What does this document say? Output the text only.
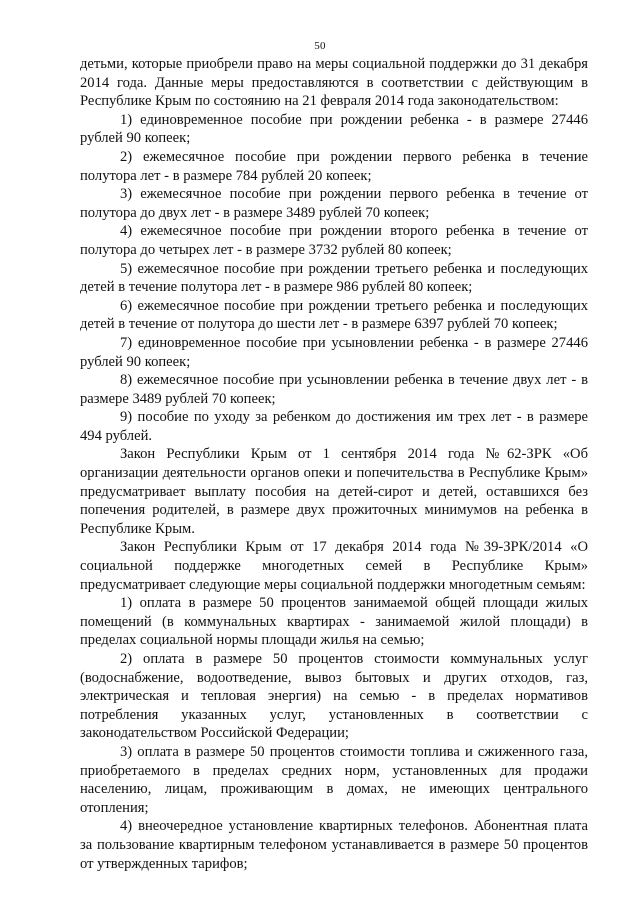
50

детьми, которые приобрели право на меры социальной поддержки до 31 декабря 2014 года. Данные меры предоставляются в соответствии с действующим в Республике Крым по состоянию на 21 февраля 2014 года законодательством:

1) единовременное пособие при рождении ребенка - в размере 27446 рублей 90 копеек;

2) ежемесячное пособие при рождении первого ребенка в течение полутора лет - в размере 784 рублей 20 копеек;

3) ежемесячное пособие при рождении первого ребенка в течение от полутора до двух лет - в размере 3489 рублей 70 копеек;

4) ежемесячное пособие при рождении второго ребенка в течение от полутора до четырех лет - в размере 3732 рублей 80 копеек;

5) ежемесячное пособие при рождении третьего ребенка и последующих детей в течение полутора лет - в размере 986 рублей 80 копеек;

6) ежемесячное пособие при рождении третьего ребенка и последующих детей в течение от полутора до шести лет - в размере 6397 рублей 70 копеек;

7) единовременное пособие при усыновлении ребенка - в размере 27446 рублей 90 копеек;

8) ежемесячное пособие при усыновлении ребенка в течение двух лет - в размере 3489 рублей 70 копеек;

9) пособие по уходу за ребенком до достижения им трех лет - в размере 494 рублей.

Закон Республики Крым от 1 сентября 2014 года №62-ЗРК «Об организации деятельности органов опеки и попечительства в Республике Крым» предусматривает выплату пособия на детей-сирот и детей, оставшихся без попечения родителей, в размере двух прожиточных минимумов на ребенка в Республике Крым.

Закон Республики Крым от 17 декабря 2014 года №39-ЗРК/2014 «О социальной поддержке многодетных семей в Республике Крым» предусматривает следующие меры социальной поддержки многодетным семьям:

1) оплата в размере 50 процентов занимаемой общей площади жилых помещений (в коммунальных квартирах - занимаемой жилой площади) в пределах социальной нормы площади жилья на семью;

2) оплата в размере 50 процентов стоимости коммунальных услуг (водоснабжение, водоотведение, вывоз бытовых и других отходов, газ, электрическая и тепловая энергия) на семью - в пределах нормативов потребления указанных услуг, установленных в соответствии с законодательством Российской Федерации;

3) оплата в размере 50 процентов стоимости топлива и сжиженного газа, приобретаемого в пределах средних норм, установленных для продажи населению, лицам, проживающим в домах, не имеющих центрального отопления;

4) внеочередное установление квартирных телефонов. Абонентная плата за пользование квартирным телефоном устанавливается в размере 50 процентов от утвержденных тарифов;
